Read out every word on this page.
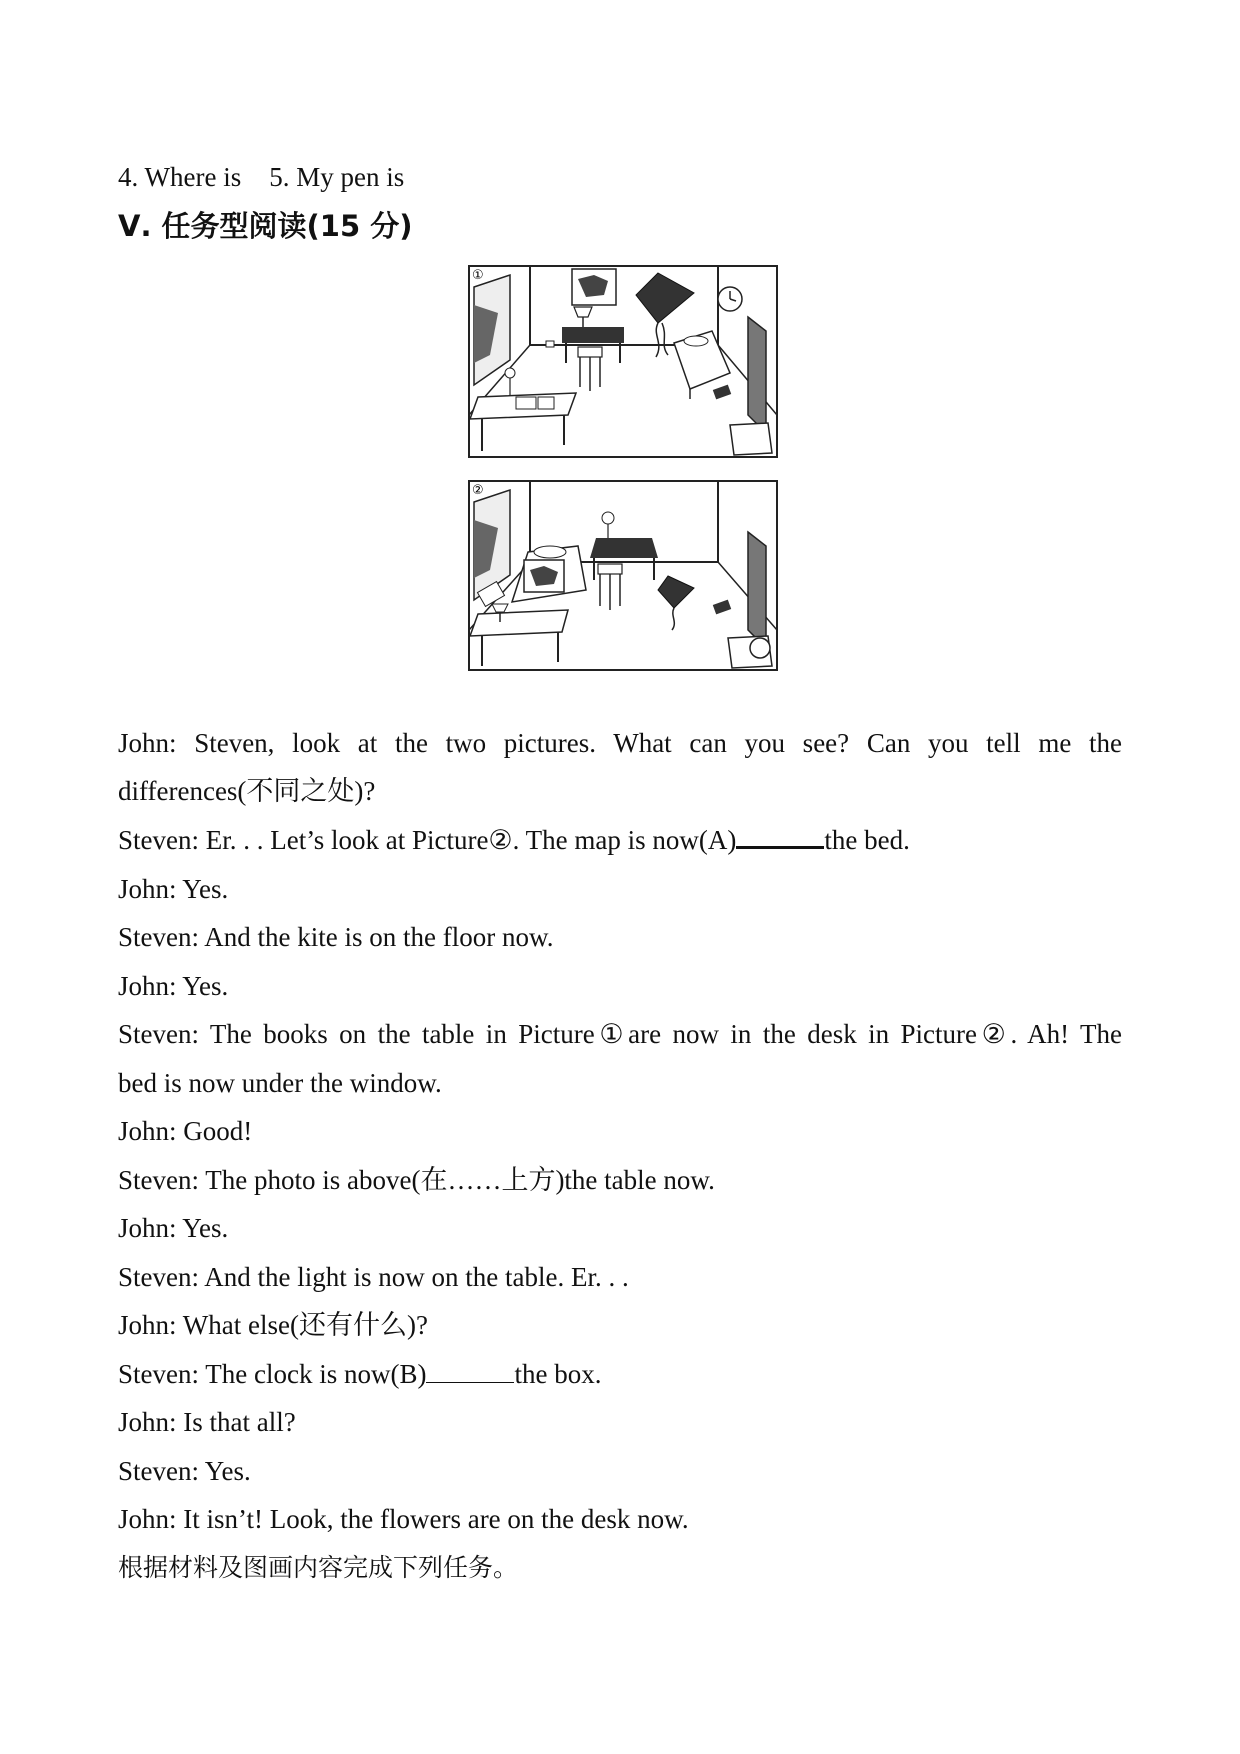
4. Where is 5. My pen is
Ⅴ. 任务型阅读(15 分)
①
②
John: Steven, look at the two pictures. What can you see? Can you tell me the
differences(不同之处)?
Steven: Er. . . Let’s look at Picture②. The map is now(A)	the bed.
John: Yes.
Steven: And the kite is on the floor now.
John: Yes.
Steven: The books on the table in Picture①are now in the desk in Picture②. Ah! The
bed is now under the window.
John: Good!
Steven: The photo is above(在……上方)the table now.
John: Yes.
Steven: And the light is now on the table. Er. . .
John: What else(还有什么)?
Steven: The clock is now(B)	the box.
John: Is that all?
Steven: Yes.
John: It isn’t! Look, the flowers are on the desk now.
根据材料及图画内容完成下列任务。
